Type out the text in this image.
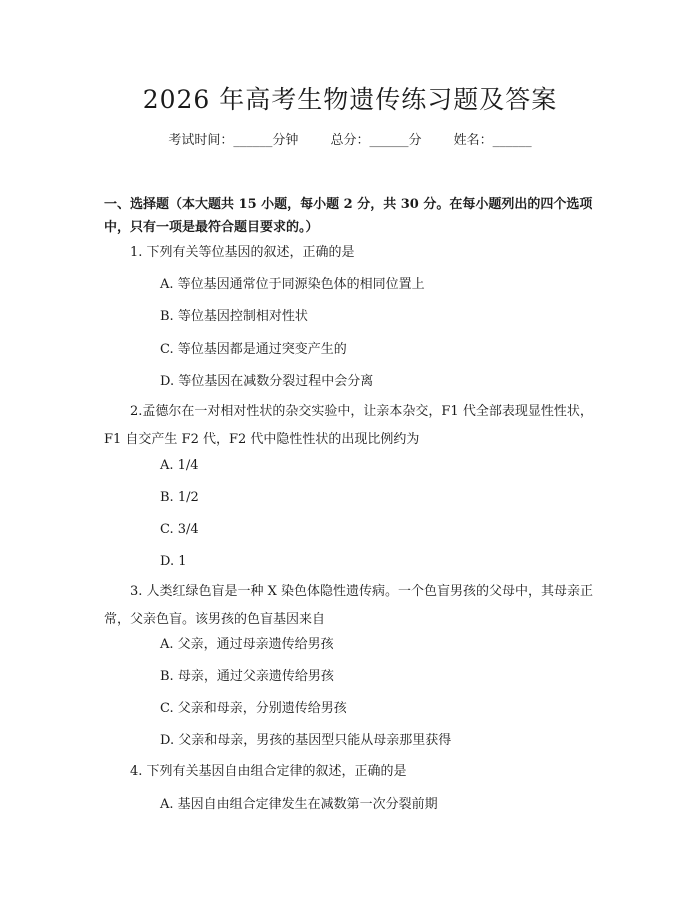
2026 年高考生物遗传练习题及答案
考试时间：______分钟 总分：______分 姓名：______
一、选择题（本大题共 15 小题，每小题 2 分，共 30 分。在每小题列出的四个选项中，只有一项是最符合题目要求的。）
1. 下列有关等位基因的叙述，正确的是
A. 等位基因通常位于同源染色体的相同位置上
B. 等位基因控制相对性状
C. 等位基因都是通过突变产生的
D. 等位基因在减数分裂过程中会分离
2.孟德尔在一对相对性状的杂交实验中，让亲本杂交，F1 代全部表现显性性状，F1 自交产生 F2 代，F2 代中隐性性状的出现比例约为
A. 1/4
B. 1/2
C. 3/4
D. 1
3. 人类红绿色盲是一种 X 染色体隐性遗传病。一个色盲男孩的父母中，其母亲正常，父亲色盲。该男孩的色盲基因来自
A. 父亲，通过母亲遗传给男孩
B. 母亲，通过父亲遗传给男孩
C. 父亲和母亲，分别遗传给男孩
D. 父亲和母亲，男孩的基因型只能从母亲那里获得
4. 下列有关基因自由组合定律的叙述，正确的是
A. 基因自由组合定律发生在减数第一次分裂前期
